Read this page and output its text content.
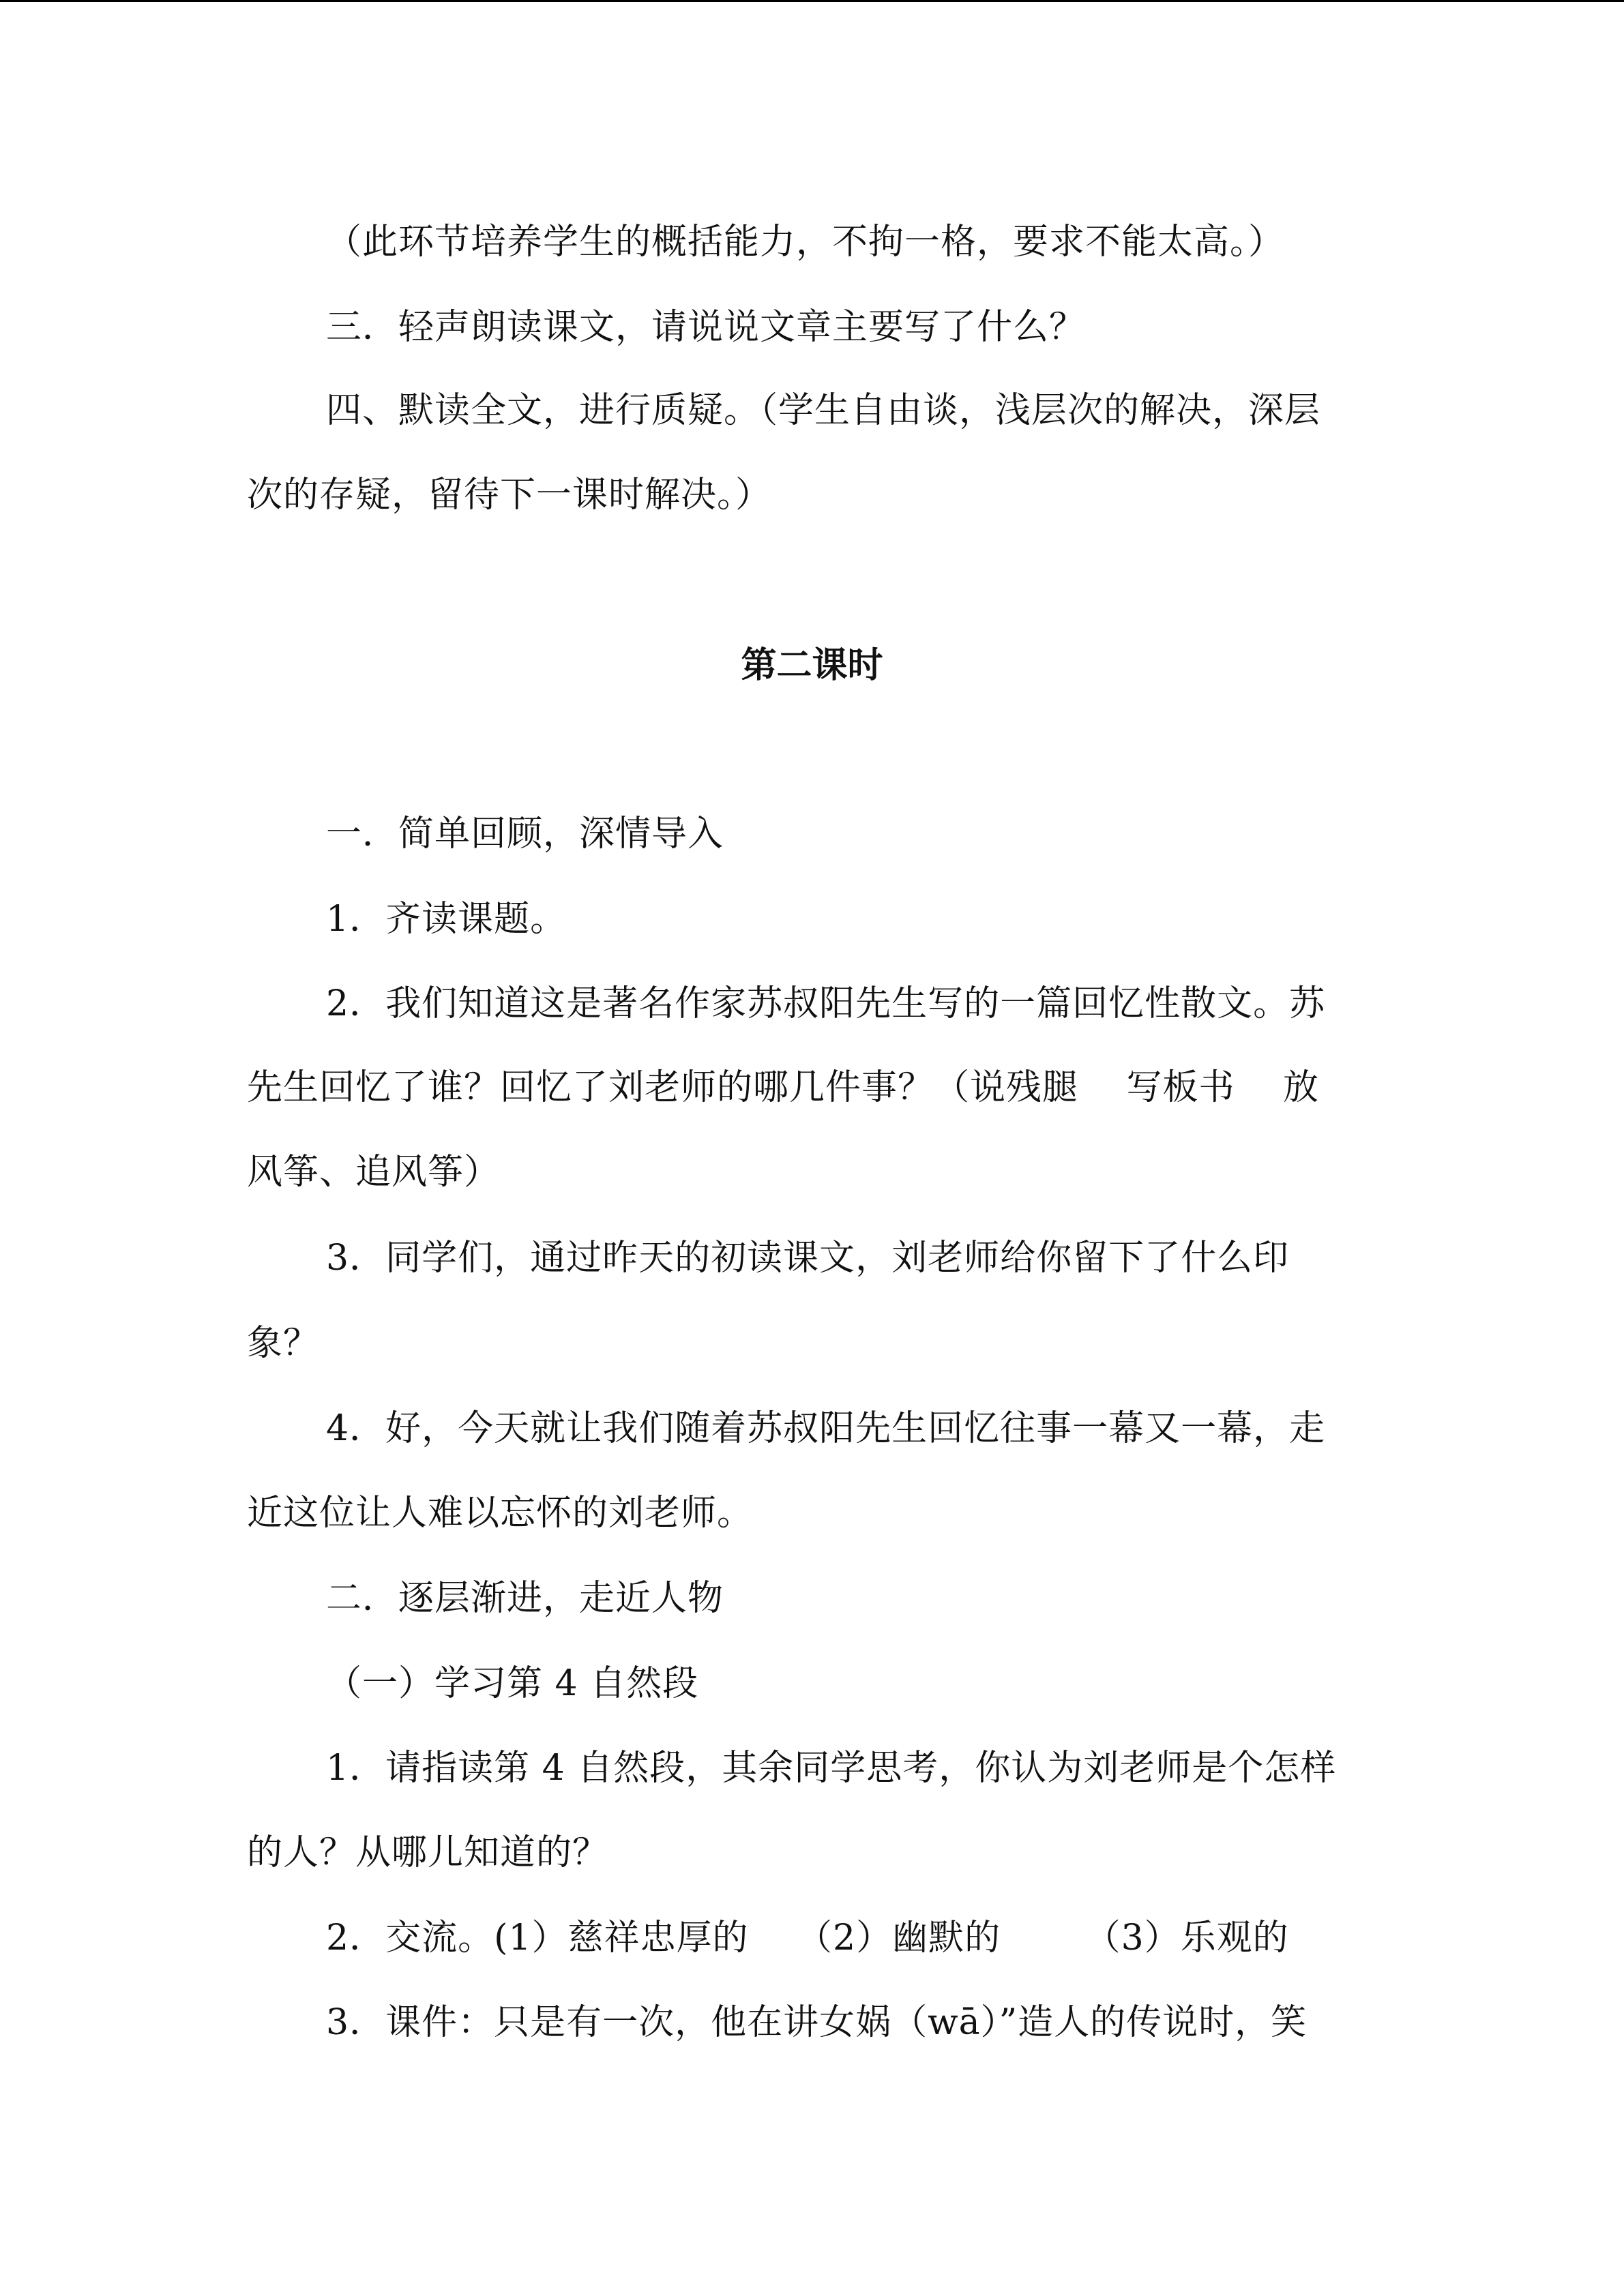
（此环节培养学生的概括能力，不拘一格，要求不能太高。）
三．轻声朗读课文，请说说文章主要写了什么？
四、默读全文，进行质疑。（学生自由谈，浅层次的解决，深层
次的存疑，留待下一课时解决。）
第二课时
一．简单回顾，深情导入
1．齐读课题。
2．我们知道这是著名作家苏叔阳先生写的一篇回忆性散文。苏
先生回忆了谁？回忆了刘老师的哪几件事？（说残腿　 写板书　 放
风筝、追风筝）
3．同学们，通过昨天的初读课文，刘老师给你留下了什么印
象？
4．好，今天就让我们随着苏叔阳先生回忆往事一幕又一幕，走
近这位让人难以忘怀的刘老师。
二．逐层渐进，走近人物
（一）学习第 4 自然段
1．请指读第 4 自然段，其余同学思考，你认为刘老师是个怎样
的人？从哪儿知道的？
2．交流。(1）慈祥忠厚的　 （2）幽默的　　 （3）乐观的
3．课件：只是有一次，他在讲女娲（wā）”造人的传说时，笑
